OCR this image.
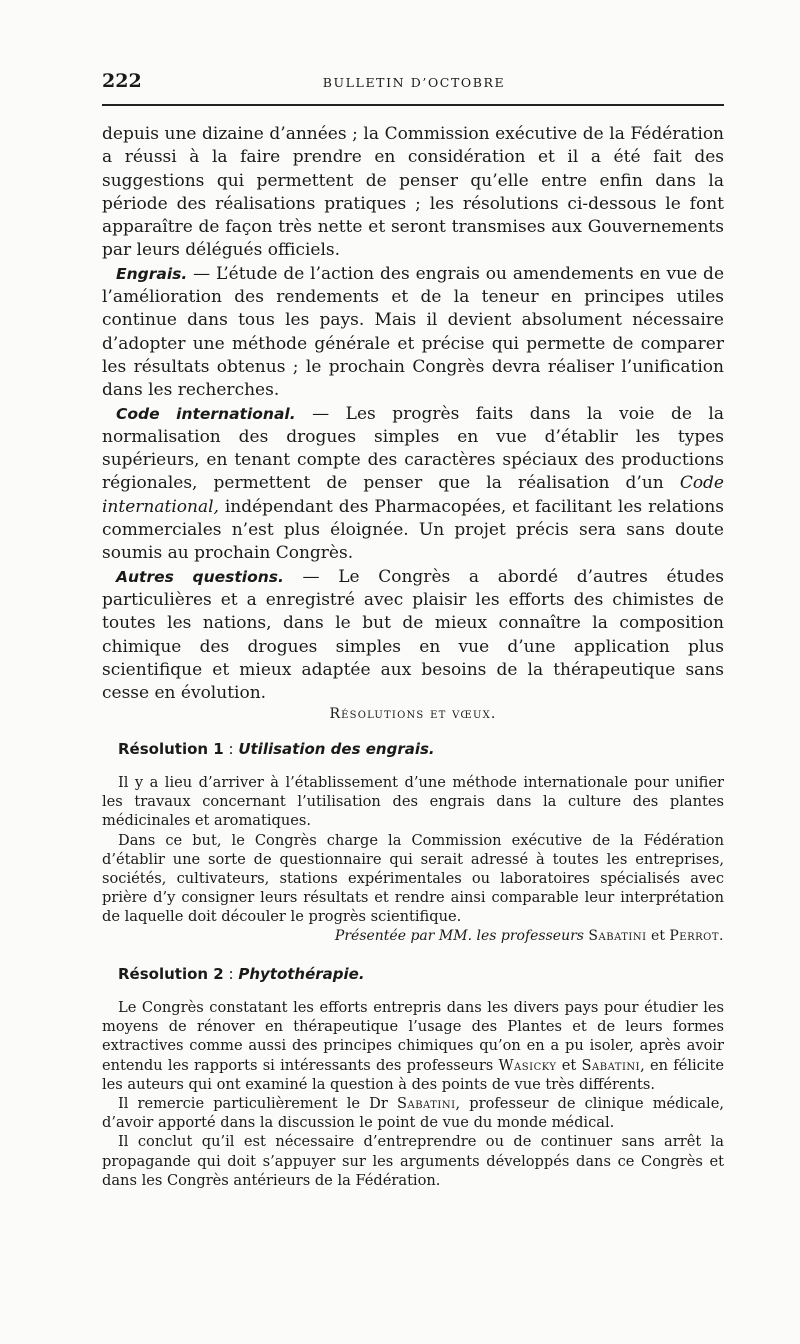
222	BULLETIN D’OCTOBRE

depuis une dizaine d’années ; la Commission exécutive de la Fédération a réussi à la faire prendre en considération et il a été fait des suggestions qui permettent de penser qu’elle entre enfin dans la période des réalisations pratiques ; les résolutions ci-dessous le font apparaître de façon très nette et seront transmises aux Gouvernements par leurs délégués officiels.

Engrais. — L’étude de l’action des engrais ou amendements en vue de l’amélioration des rendements et de la teneur en principes utiles continue dans tous les pays. Mais il devient absolument nécessaire d’adopter une méthode générale et précise qui permette de comparer les résultats obtenus ; le prochain Congrès devra réaliser l’unification dans les recherches.

Code international. — Les progrès faits dans la voie de la normalisation des drogues simples en vue d’établir les types supérieurs, en tenant compte des caractères spéciaux des productions régionales, permettent de penser que la réalisation d’un Code international, indépendant des Pharmacopées, et facilitant les relations commerciales n’est plus éloignée. Un projet précis sera sans doute soumis au prochain Congrès.

Autres questions. — Le Congrès a abordé d’autres études particulières et a enregistré avec plaisir les efforts des chimistes de toutes les nations, dans le but de mieux connaître la composition chimique des drogues simples en vue d’une application plus scientifique et mieux adaptée aux besoins de la thérapeutique sans cesse en évolution.

Résolutions et vœux.
Résolution 1 : Utilisation des engrais.

Il y a lieu d’arriver à l’établissement d’une méthode internationale pour unifier les travaux concernant l’utilisation des engrais dans la culture des plantes médicinales et aromatiques.

Dans ce but, le Congrès charge la Commission exécutive de la Fédération d’établir une sorte de questionnaire qui serait adressé à toutes les entreprises, sociétés, cultivateurs, stations expérimentales ou laboratoires spécialisés avec prière d’y consigner leurs résultats et rendre ainsi comparable leur interprétation de laquelle doit découler le progrès scientifique.

Présentée par MM. les professeurs Sabatini et Perrot.

Résolution 2 : Phytothérapie.

Le Congrès constatant les efforts entrepris dans les divers pays pour étudier les moyens de rénover en thérapeutique l’usage des Plantes et de leurs formes extractives comme aussi des principes chimiques qu’on en a pu isoler, après avoir entendu les rapports si intéressants des professeurs Wasicky et Sabatini, en félicite les auteurs qui ont examiné la question à des points de vue très différents.

Il remercie particulièrement le Dr Sabatini, professeur de clinique médicale, d’avoir apporté dans la discussion le point de vue du monde médical.

Il conclut qu’il est nécessaire d’entreprendre ou de continuer sans arrêt la propagande qui doit s’appuyer sur les arguments développés dans ce Congrès et dans les Congrès antérieurs de la Fédération.
